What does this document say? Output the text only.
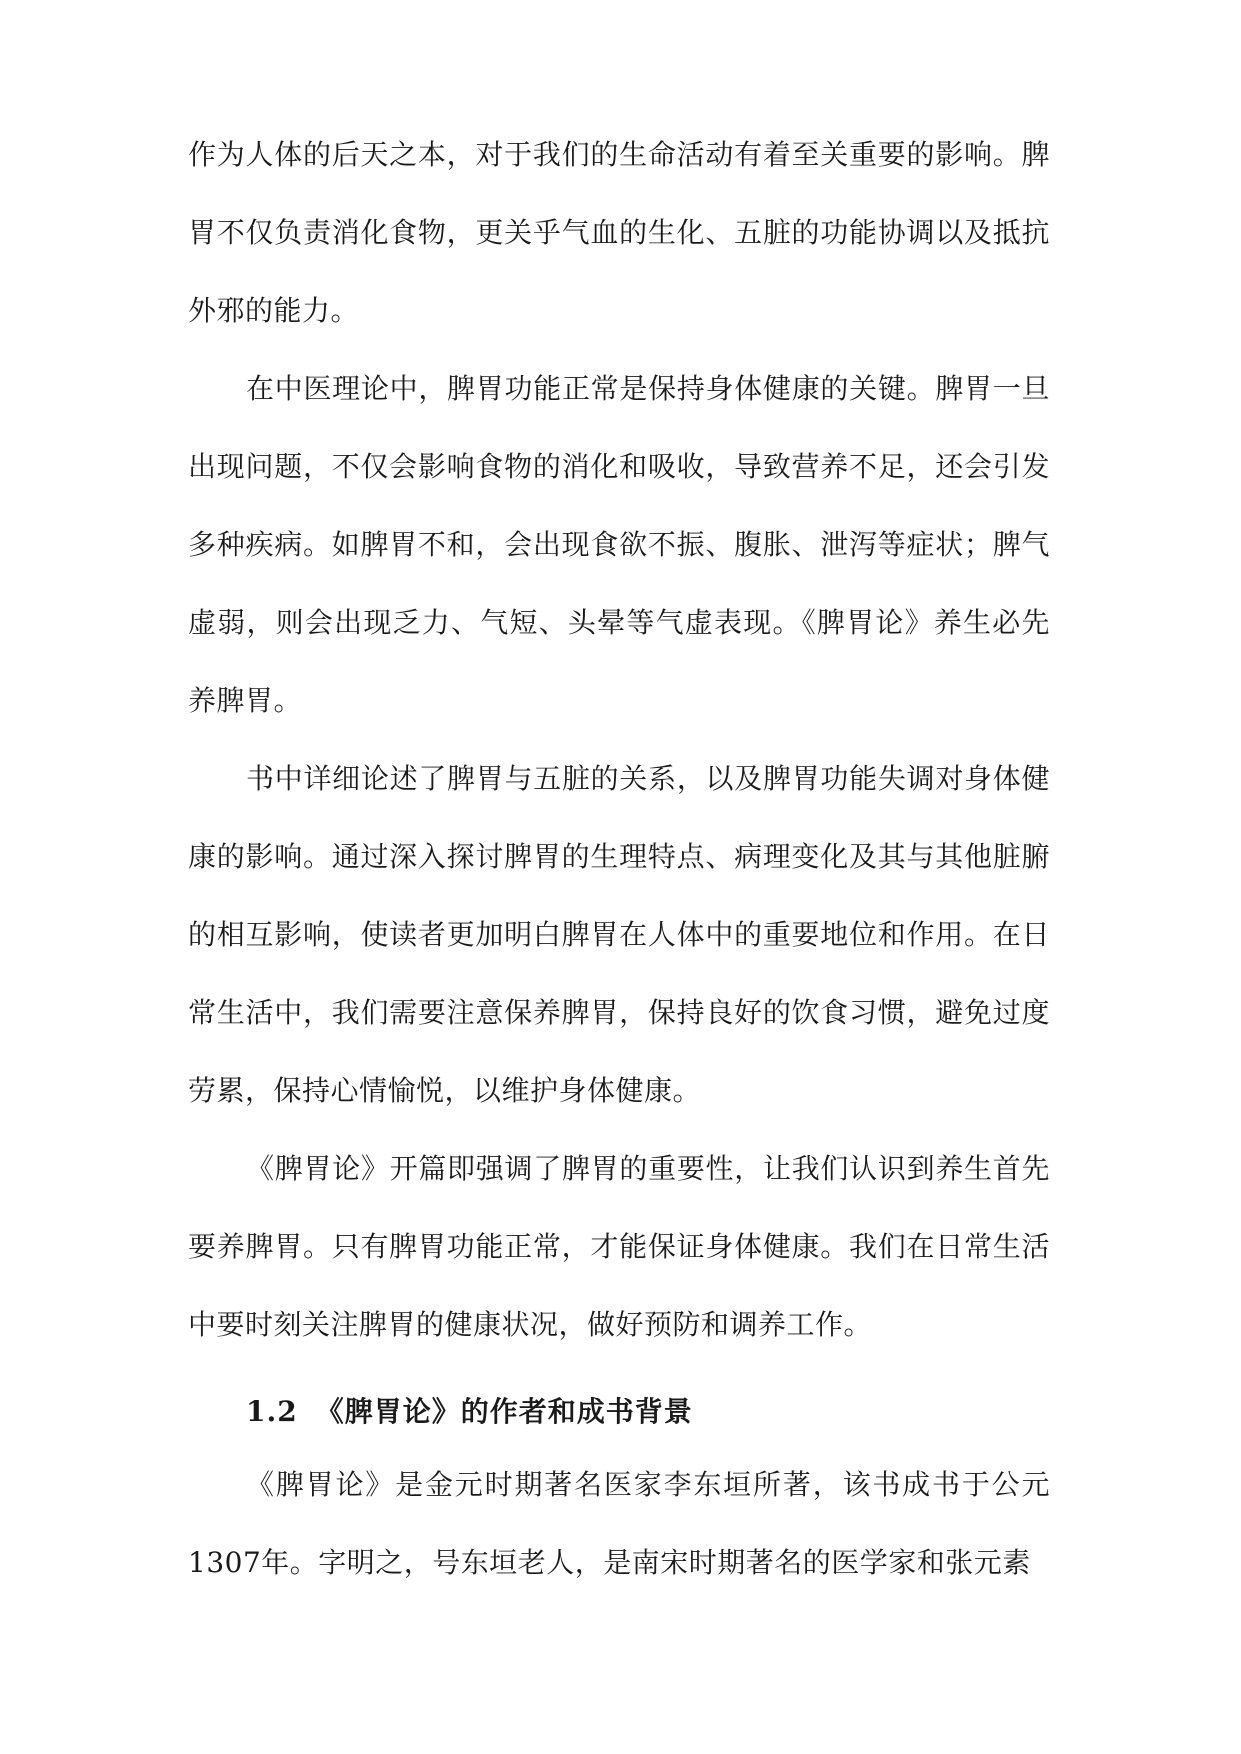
作为人体的后天之本，对于我们的生命活动有着至关重要的影响。脾胃不仅负责消化食物，更关乎气血的生化、五脏的功能协调以及抵抗外邪的能力。

在中医理论中，脾胃功能正常是保持身体健康的关键。脾胃一旦出现问题，不仅会影响食物的消化和吸收，导致营养不足，还会引发多种疾病。如脾胃不和，会出现食欲不振、腹胀、泄泻等症状；脾气虚弱，则会出现乏力、气短、头晕等气虚表现。《脾胃论》养生必先养脾胃。

书中详细论述了脾胃与五脏的关系，以及脾胃功能失调对身体健康的影响。通过深入探讨脾胃的生理特点、病理变化及其与其他脏腑的相互影响，使读者更加明白脾胃在人体中的重要地位和作用。在日常生活中，我们需要注意保养脾胃，保持良好的饮食习惯，避免过度劳累，保持心情愉悦，以维护身体健康。

《脾胃论》开篇即强调了脾胃的重要性，让我们认识到养生首先要养脾胃。只有脾胃功能正常，才能保证身体健康。我们在日常生活中要时刻关注脾胃的健康状况，做好预防和调养工作。

1.2 《脾胃论》的作者和成书背景

《脾胃论》是金元时期著名医家李东垣所著，该书成书于公元1307年。字明之，号东垣老人，是南宋时期著名的医学家和张元素
